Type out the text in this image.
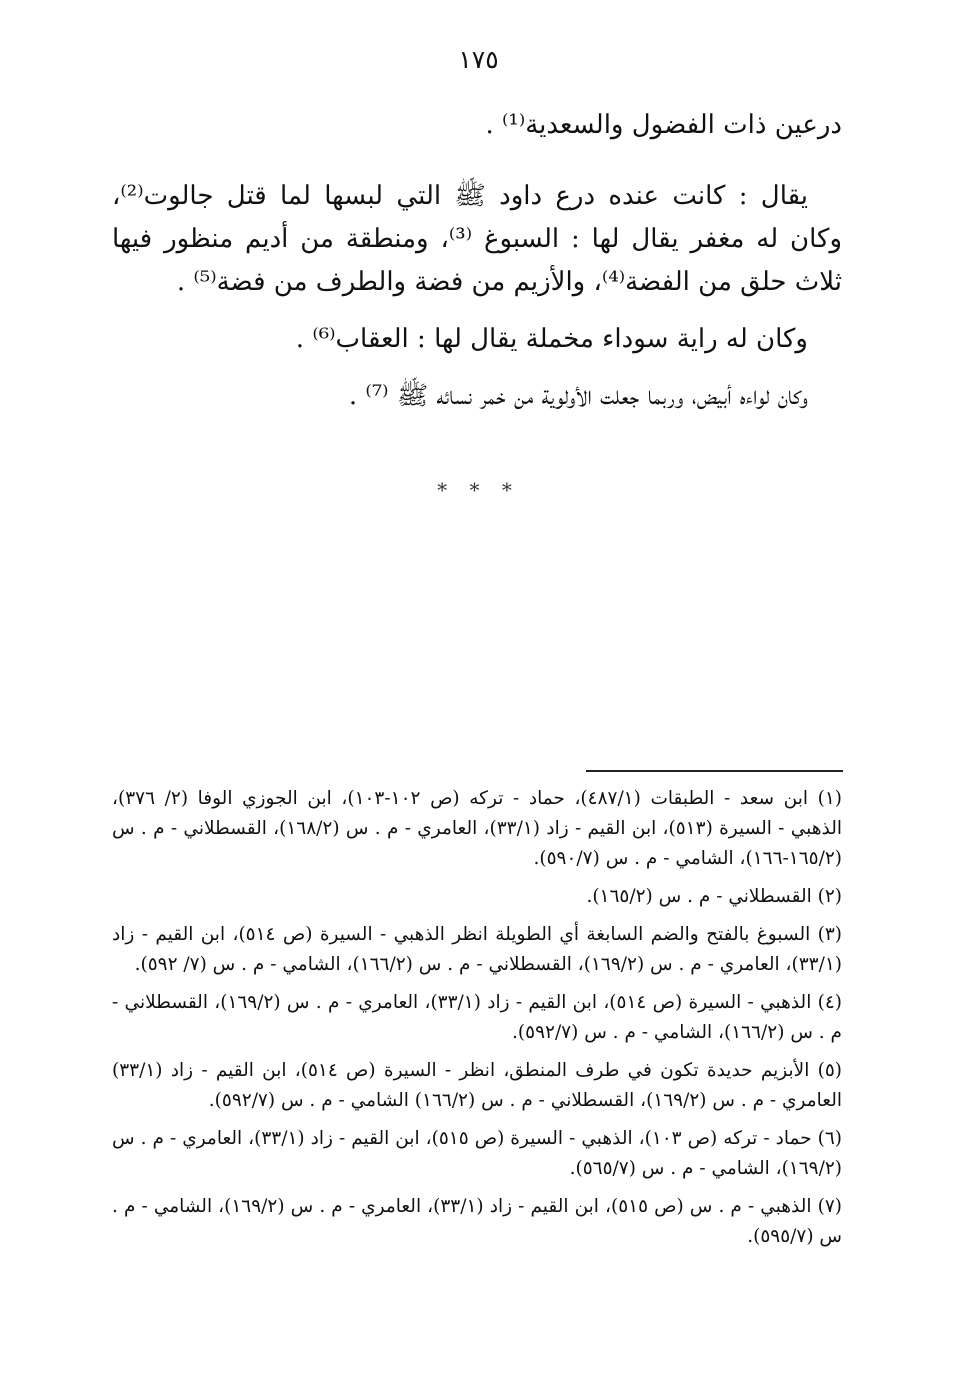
١٧٥

درعين ذات الفضول والسعدية⁽¹⁾ .

يقال : كانت عنده درع داود ﷺ التي لبسها لما قتل جالوت⁽²⁾، وكان له مغفر يقال لها : السبوغ ⁽³⁾، ومنطقة من أديم منظور فيها ثلاث حلق من الفضة⁽⁴⁾، والأزيم من فضة والطرف من فضة⁽⁵⁾ .

وكان له راية سوداء مخملة يقال لها : العقاب⁽⁶⁾ .

وكان لواءه أبيض، وربما جعلت الأولوية من خمر نسائه ﷺ ⁽⁷⁾ .

* * *

(١) ابن سعد - الطبقات (٤٨٧/١)، حماد - تركه (ص ١٠٢-١٠٣)، ابن الجوزي الوفا (٢/ ٣٧٦)، الذهبي - السيرة (٥١٣)، ابن القيم - زاد (٣٣/١)، العامري - م . س (١٦٨/٢)، القسطلاني - م . س (١٦٥/٢-١٦٦)، الشامي - م . س (٥٩٠/٧).

(٢) القسطلاني - م . س (١٦٥/٢).

(٣) السبوغ بالفتح والضم السابغة أي الطويلة انظر الذهبي - السيرة (ص ٥١٤)، ابن القيم - زاد (٣٣/١)، العامري - م . س (١٦٩/٢)، القسطلاني - م . س (١٦٦/٢)، الشامي - م . س (٧/ ٥٩٢).

(٤) الذهبي - السيرة (ص ٥١٤)، ابن القيم - زاد (٣٣/١)، العامري - م . س (١٦٩/٢)، القسطلاني - م . س (١٦٦/٢)، الشامي - م . س (٥٩٢/٧).

(٥) الأبزيم حديدة تكون في طرف المنطق، انظر - السيرة (ص ٥١٤)، ابن القيم - زاد (٣٣/١) العامري - م . س (١٦٩/٢)، القسطلاني - م . س (١٦٦/٢) الشامي - م . س (٥٩٢/٧).

(٦) حماد - تركه (ص ١٠٣)، الذهبي - السيرة (ص ٥١٥)، ابن القيم - زاد (٣٣/١)، العامري - م . س (١٦٩/٢)، الشامي - م . س (٥٦٥/٧).

(٧) الذهبي - م . س (ص ٥١٥)، ابن القيم - زاد (٣٣/١)، العامري - م . س (١٦٩/٢)، الشامي - م . س (٥٩٥/٧).
